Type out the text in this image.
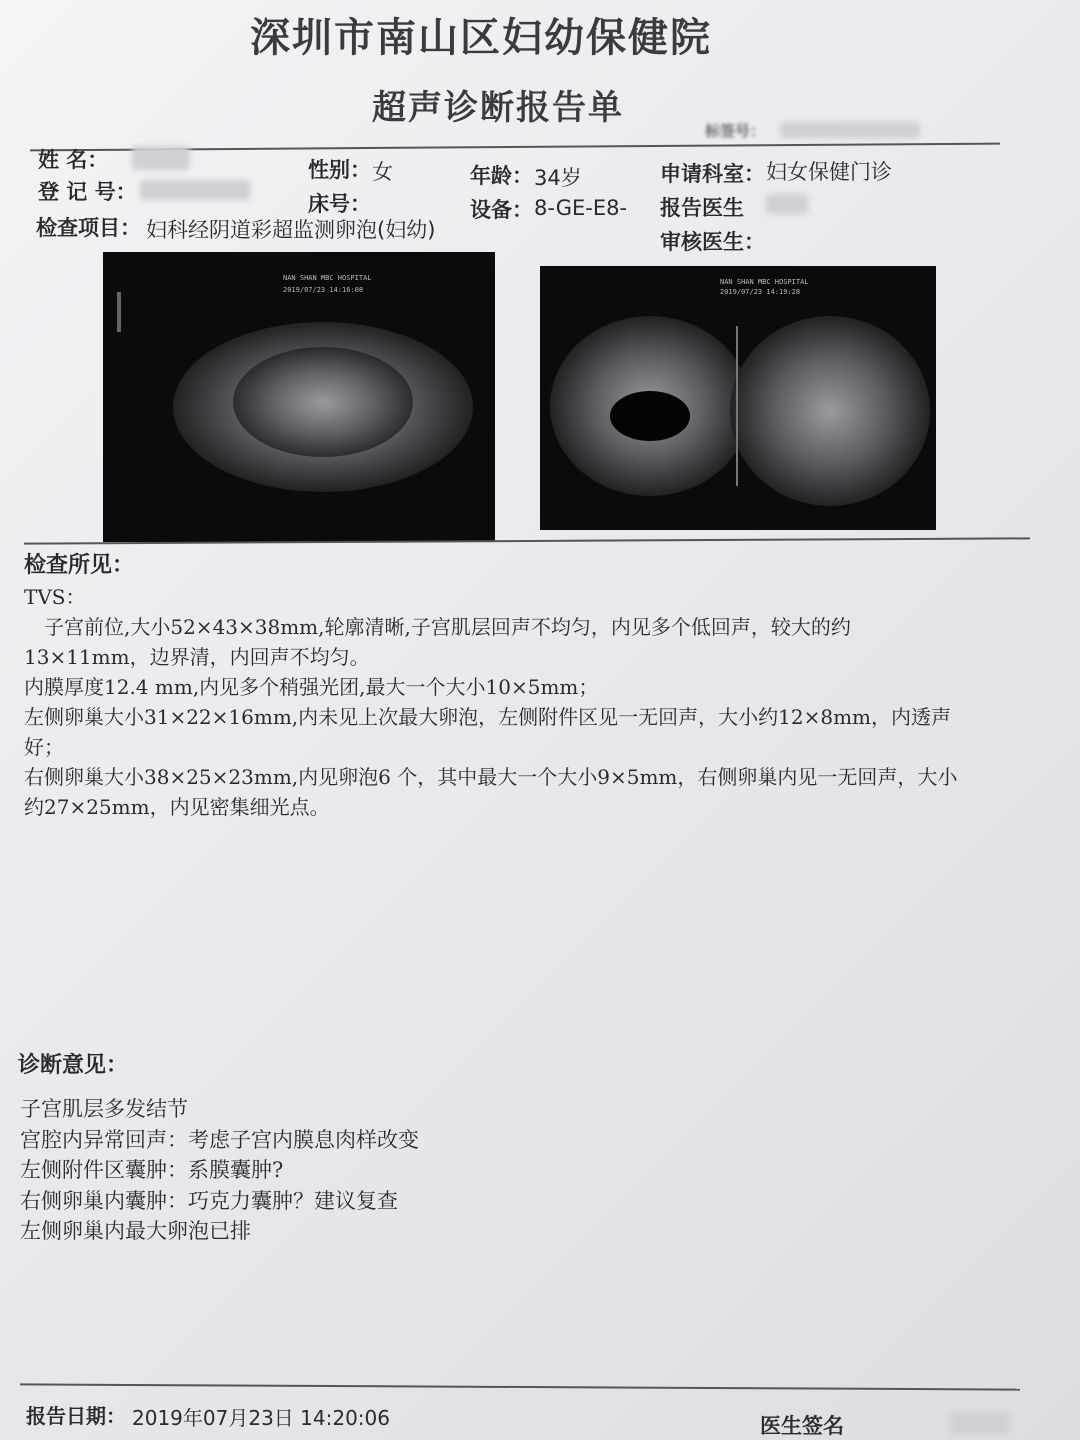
深圳市南山区妇幼保健院
超声诊断报告单
标签号：
姓 名：
登 记 号：
检查项目： 妇科经阴道彩超监测卵泡(妇幼)
性别： 女
床号：
年龄： 34岁
设备： 8-GE-E8-
申请科室： 妇女保健门诊
报告医生
审核医生：
NAN SHAN MBC HOSPITAL
2019/07/23 14:16:08
NAN SHAN MBC HOSPITAL
2019/07/23 14:19:28
检查所见：
TVS：
　子宫前位,大小52×43×38mm,轮廓清晰,子宫肌层回声不均匀，内见多个低回声，较大的约
13×11mm，边界清，内回声不均匀。
内膜厚度12.4 mm,内见多个稍强光团,最大一个大小10×5mm；
左侧卵巢大小31×22×16mm,内未见上次最大卵泡，左侧附件区见一无回声，大小约12×8mm，内透声
好；
右侧卵巢大小38×25×23mm,内见卵泡6 个，其中最大一个大小9×5mm，右侧卵巢内见一无回声，大小
约27×25mm，内见密集细光点。
诊断意见：
子宫肌层多发结节
宫腔内异常回声：考虑子宫内膜息肉样改变
左侧附件区囊肿：系膜囊肿?
右侧卵巢内囊肿：巧克力囊肿？建议复查
左侧卵巢内最大卵泡已排
报告日期： 2019年07月23日 14:20:06	医生签名
